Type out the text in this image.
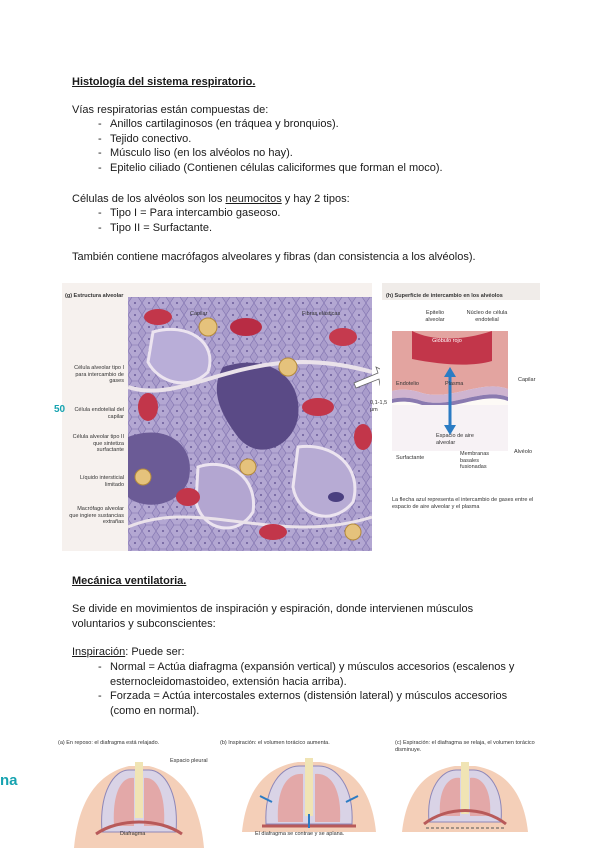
Histología del sistema respiratorio.
Vías respiratorias están compuestas de:
- Anillos cartilaginosos (en tráquea y bronquios).
- Tejido conectivo.
- Músculo liso (en los alvéolos no hay).
- Epitelio ciliado (Contienen células caliciformes que forman el moco).
Células de los alvéolos son los neumocitos y hay 2 tipos:
- Tipo I = Para intercambio gaseoso.
- Tipo II = Surfactante.
También contiene macrófagos alveolares y fibras (dan consistencia a los alvéolos).
(g) Estructura alveolar
50
Capilar	Fibras elásticas
Célula alveolar tipo I para intercambio de gases
Célula endotelial del capilar
Célula alveolar tipo II que sintetiza surfactante
Líquido intersticial limitado
Macrófago alveolar que ingiere sustancias extrañas
(h) Superficie de intercambio en los alvéolos
Epitelio alveolar
Núcleo de célula endotelial
Glóbulo rojo
Endotelio	Plasma
Capilar
0,1-1,5 μm
Espacio de aire alveolar
Surfactante
Membranas basales fusionadas
Alvéolo
La flecha azul representa el intercambio de gases entre el espacio de aire alveolar y el plasma
Mecánica ventilatoria.
Se divide en movimientos de inspiración y espiración, donde intervienen músculos voluntarios y subconscientes:
Inspiración: Puede ser:
- Normal = Actúa diafragma (expansión vertical) y músculos accesorios (escalenos y esternocleidomastoideo, extensión hacia arriba).
- Forzada = Actúa intercostales externos (distensión lateral) y músculos accesorios (como en normal).
na
(a) En reposo: el diafragma está relajado.	(b) Inspiración: el volumen torácico aumenta.	(c) Espiración: el diafragma se relaja, el volumen torácico disminuye.
Espacio pleural
Diafragma	El diafragma se contrae y se aplana.
